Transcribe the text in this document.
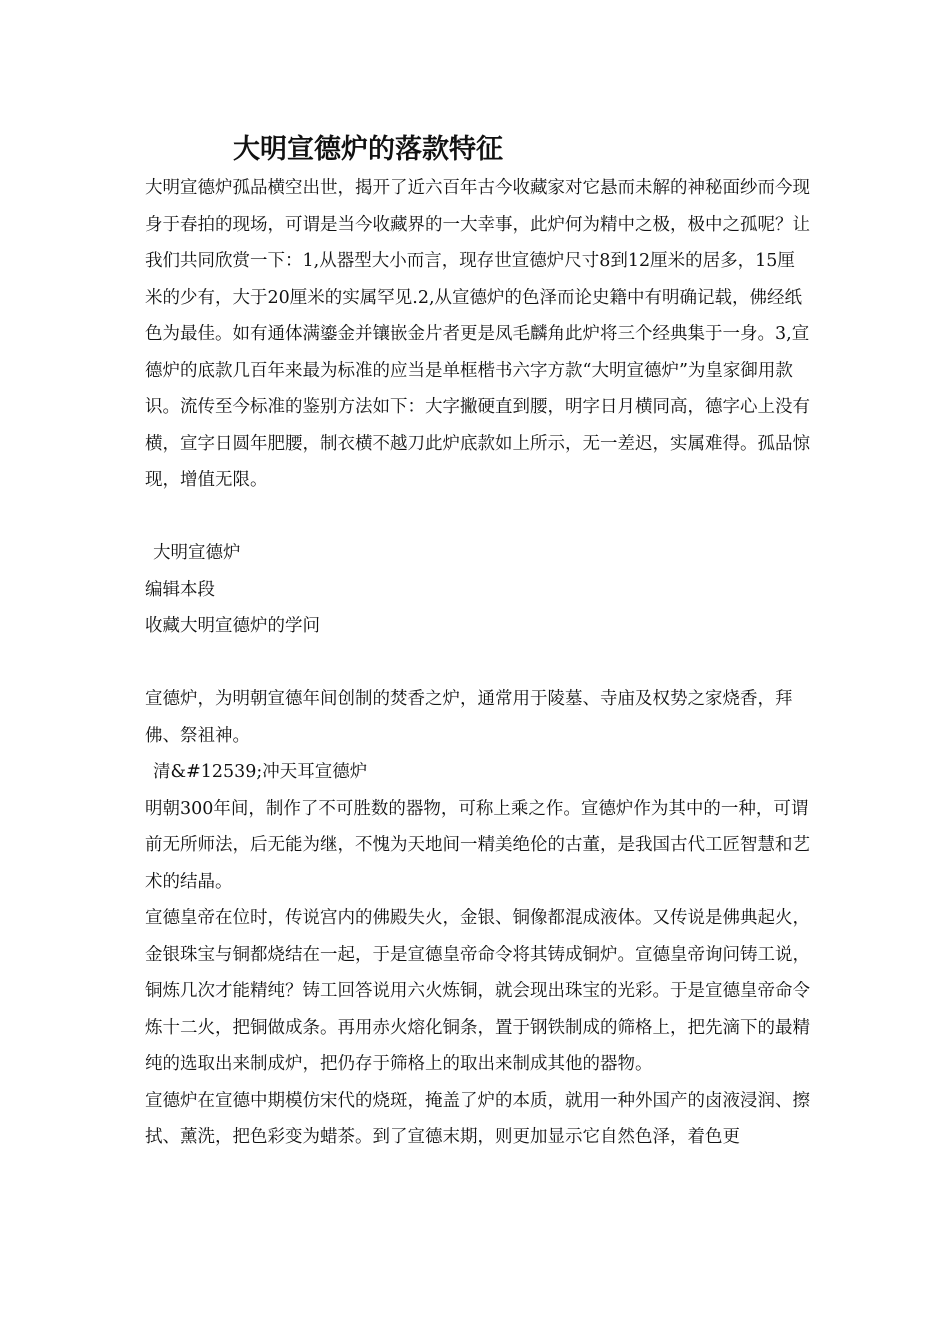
大明宣德炉的落款特征

大明宣德炉孤品横空出世，揭开了近六百年古今收藏家对它悬而未解的神秘面纱而今现身于春拍的现场，可谓是当今收藏界的一大幸事，此炉何为精中之极，极中之孤呢？让我们共同欣赏一下：1,从器型大小而言，现存世宣德炉尺寸8到12厘米的居多，15厘米的少有，大于20厘米的实属罕见.2,从宣德炉的色泽而论史籍中有明确记载，佛经纸色为最佳。如有通体满鎏金并镶嵌金片者更是凤毛麟角此炉将三个经典集于一身。3,宣德炉的底款几百年来最为标准的应当是单框楷书六字方款“大明宣德炉”为皇家御用款识。流传至今标准的鉴别方法如下：大字撇硬直到腰，明字日月横同高，德字心上没有横，宣字日圆年肥腰，制衣横不越刀此炉底款如上所示，无一差迟，实属难得。孤品惊现，增值无限。

大明宣德炉

编辑本段

收藏大明宣德炉的学问

宣德炉，为明朝宣德年间创制的焚香之炉，通常用于陵墓、寺庙及权势之家烧香，拜佛、祭祖神。

清&#12539;冲天耳宣德炉

明朝300年间，制作了不可胜数的器物，可称上乘之作。宣德炉作为其中的一种，可谓前无所师法，后无能为继，不愧为天地间一精美绝伦的古董，是我国古代工匠智慧和艺术的结晶。

宣德皇帝在位时，传说宫内的佛殿失火，金银、铜像都混成液体。又传说是佛典起火，金银珠宝与铜都烧结在一起，于是宣德皇帝命令将其铸成铜炉。宣德皇帝询问铸工说，铜炼几次才能精纯？铸工回答说用六火炼铜，就会现出珠宝的光彩。于是宣德皇帝命令炼十二火，把铜做成条。再用赤火熔化铜条，置于钢铁制成的筛格上，把先滴下的最精纯的选取出来制成炉，把仍存于筛格上的取出来制成其他的器物。

宣德炉在宣德中期模仿宋代的烧斑，掩盖了炉的本质，就用一种外国产的卤液浸润、擦拭、薰洗，把色彩变为蜡茶。到了宣德末期，则更加显示它自然色泽，着色更
